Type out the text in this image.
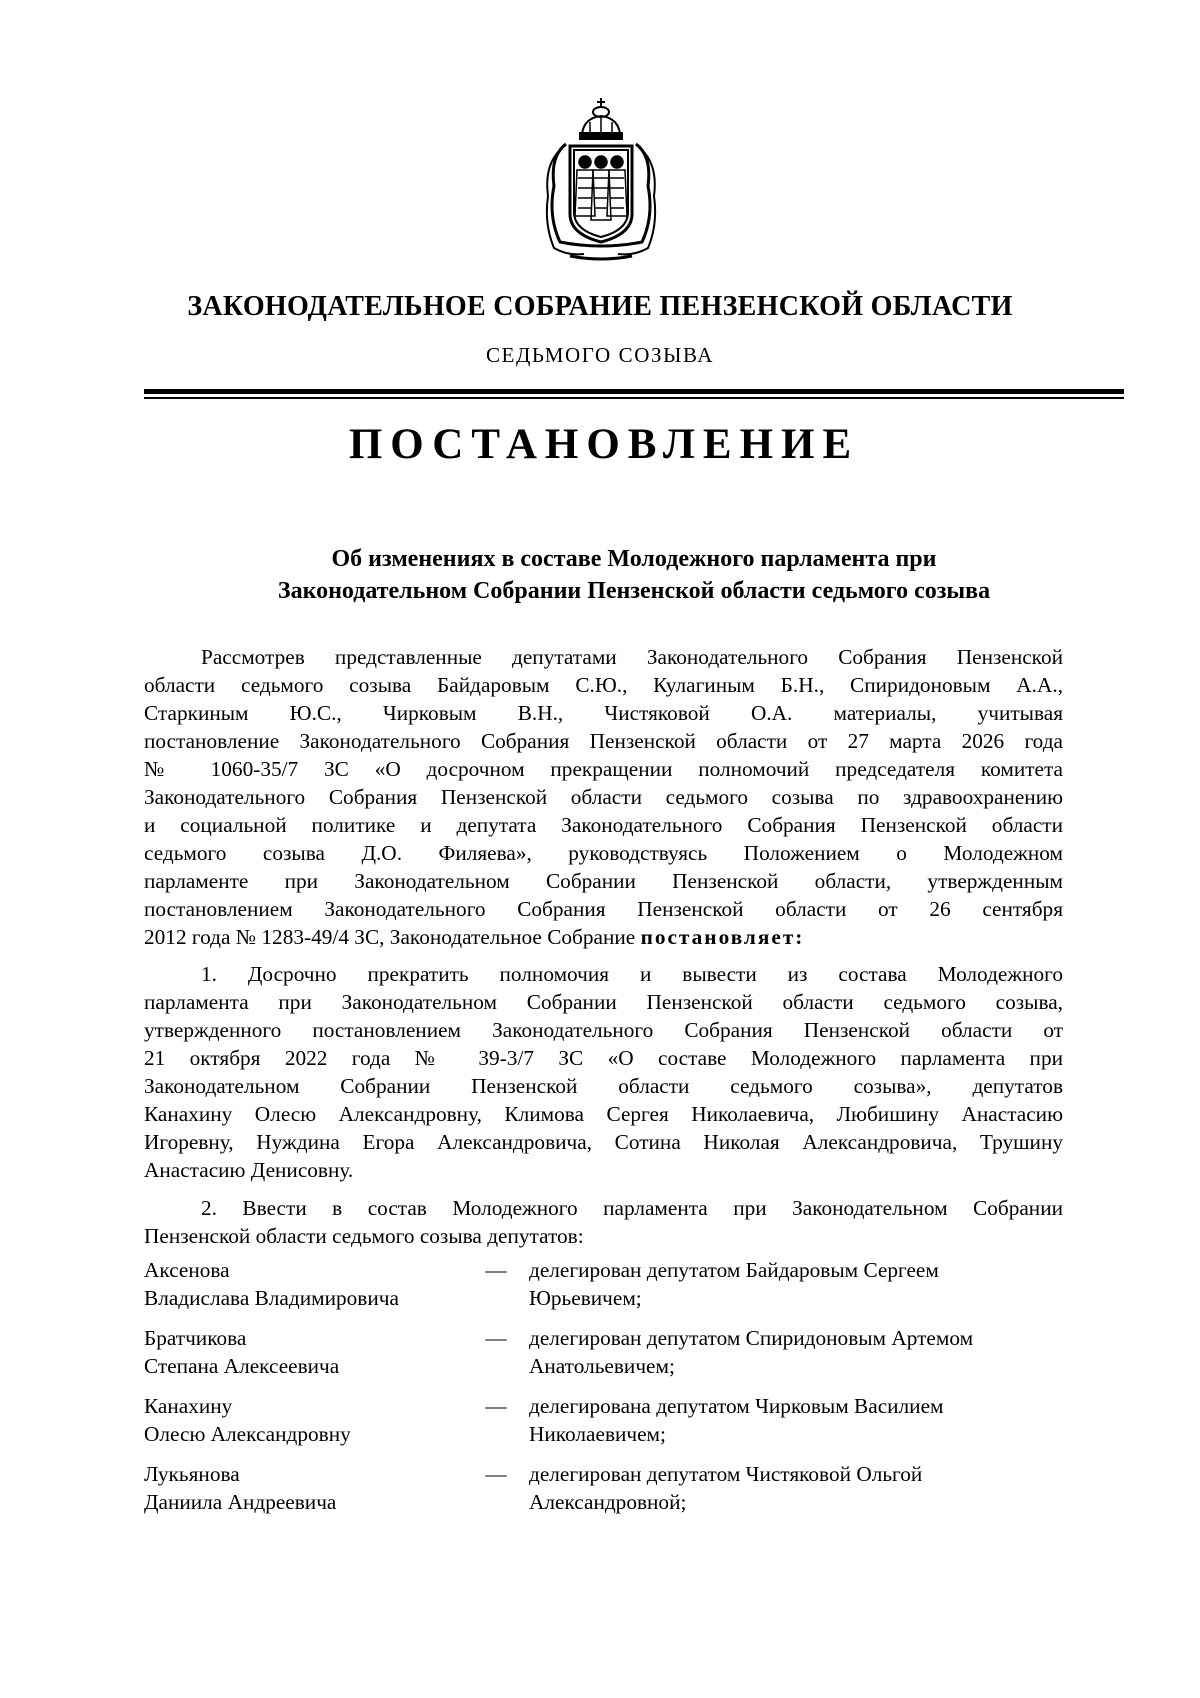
ЗАКОНОДАТЕЛЬНОЕ СОБРАНИЕ ПЕНЗЕНСКОЙ ОБЛАСТИ
СЕДЬМОГО СОЗЫВА
ПОСТАНОВЛЕНИЕ
Об изменениях в составе Молодежного парламента при
Законодательном Собрании Пензенской области седьмого созыва
Рассмотрев представленные депутатами Законодательного Собрания Пензенской
области седьмого созыва Байдаровым С.Ю., Кулагиным Б.Н., Спиридоновым А.А.,
Старкиным Ю.С., Чирковым В.Н., Чистяковой О.А. материалы, учитывая
постановление Законодательного Собрания Пензенской области от 27 марта 2026 года
№ 1060-35/7 ЗС «О досрочном прекращении полномочий председателя комитета
Законодательного Собрания Пензенской области седьмого созыва по здравоохранению
и социальной политике и депутата Законодательного Собрания Пензенской области
седьмого созыва Д.О. Филяева», руководствуясь Положением о Молодежном
парламенте при Законодательном Собрании Пензенской области, утвержденным
постановлением Законодательного Собрания Пензенской области от 26 сентября
2012 года № 1283-49/4 ЗС, Законодательное Собрание постановляет:
1. Досрочно прекратить полномочия и вывести из состава Молодежного
парламента при Законодательном Собрании Пензенской области седьмого созыва,
утвержденного постановлением Законодательного Собрания Пензенской области от
21 октября 2022 года № 39-3/7 ЗС «О составе Молодежного парламента при
Законодательном Собрании Пензенской области седьмого созыва», депутатов
Канахину Олесю Александровну, Климова Сергея Николаевича, Любишину Анастасию
Игоревну, Нуждина Егора Александровича, Сотина Николая Александровича, Трушину
Анастасию Денисовну.
2. Ввести в состав Молодежного парламента при Законодательном Собрании
Пензенской области седьмого созыва депутатов:
Аксенова
Владислава Владимировича
—	делегирован депутатом Байдаровым Сергеем
Юрьевичем;
Братчикова
Степана Алексеевича
—	делегирован депутатом Спиридоновым Артемом
Анатольевичем;
Канахину
Олесю Александровну
—	делегирована депутатом Чирковым Василием
Николаевичем;
Лукьянова
Даниила Андреевича
—	делегирован депутатом Чистяковой Ольгой
Александровной;
